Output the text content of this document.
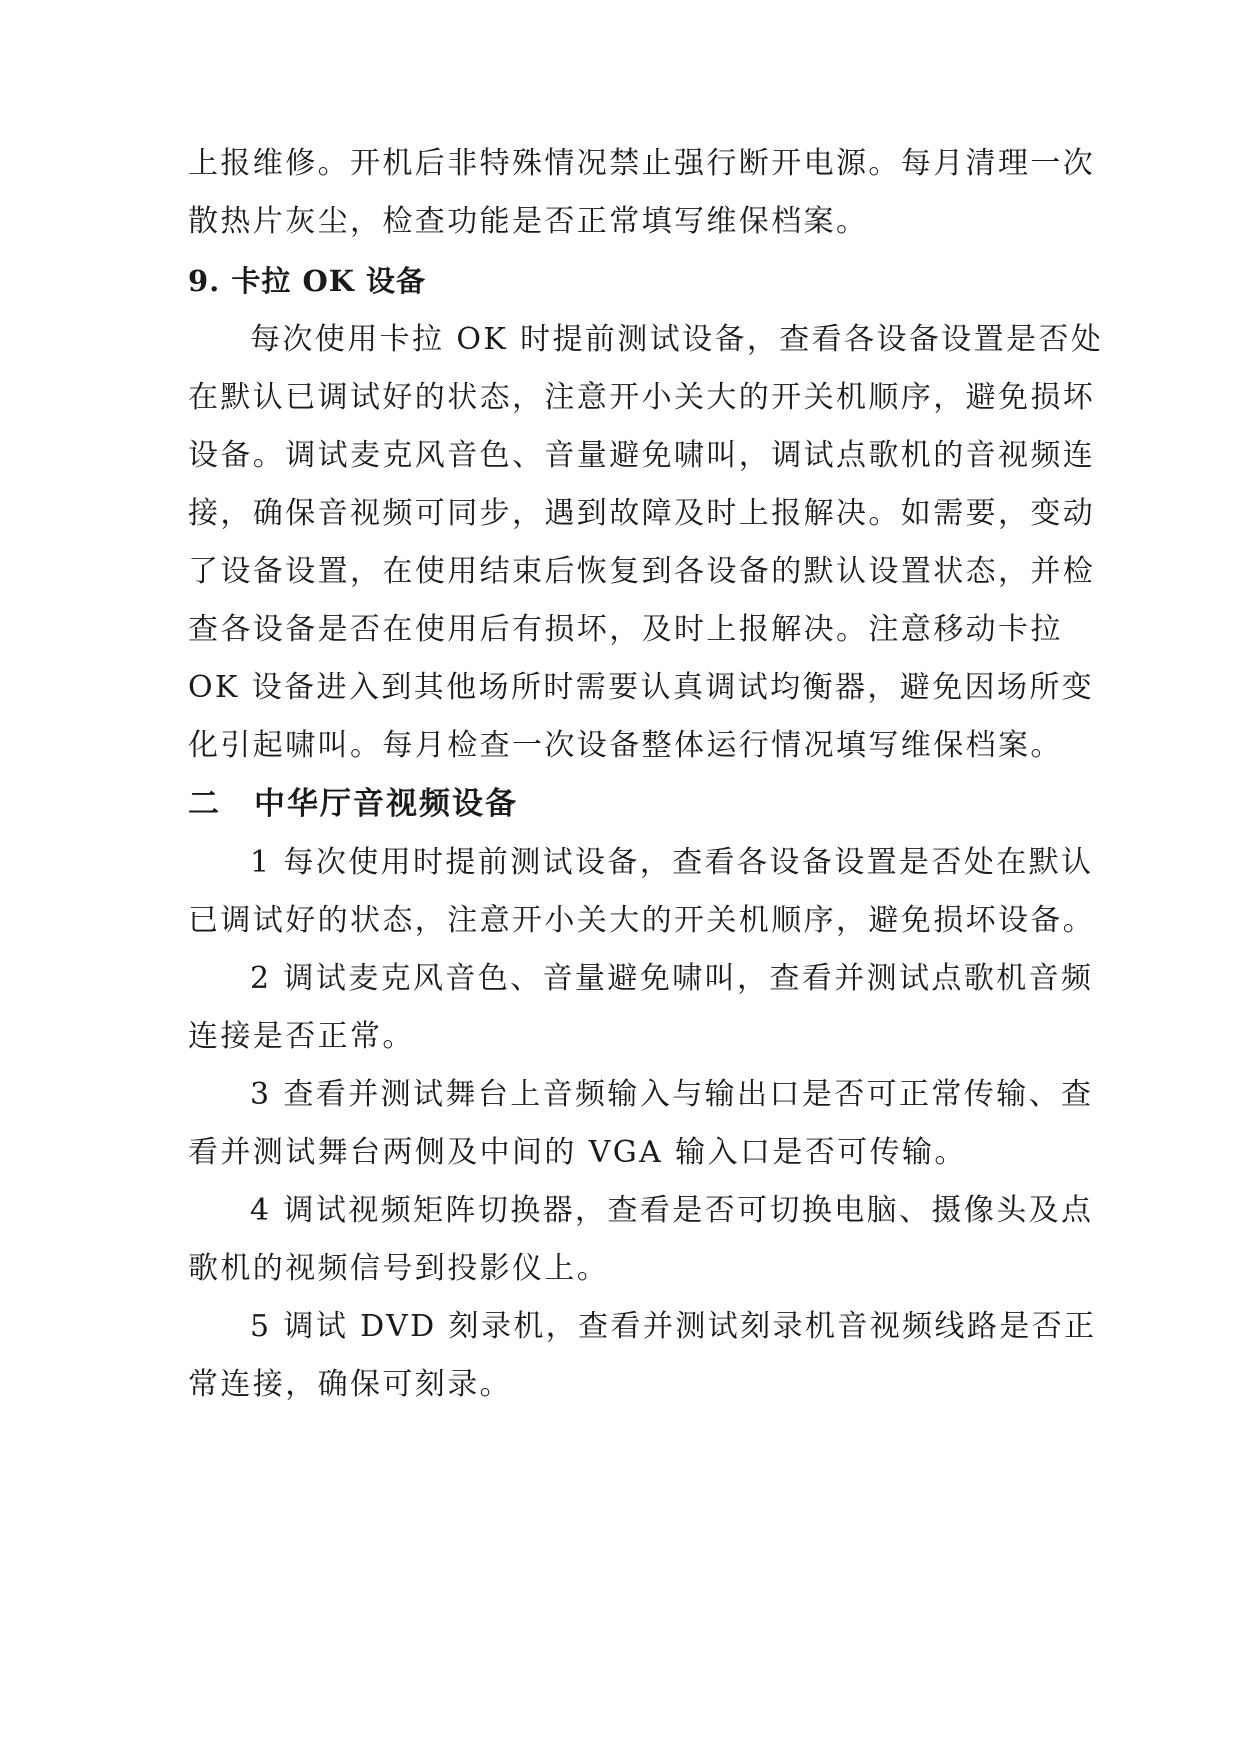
上报维修。开机后非特殊情况禁止强行断开电源。每月清理一次
散热片灰尘，检查功能是否正常填写维保档案。
9. 卡拉 OK 设备
每次使用卡拉 OK 时提前测试设备，查看各设备设置是否处
在默认已调试好的状态，注意开小关大的开关机顺序，避免损坏
设备。调试麦克风音色、音量避免啸叫，调试点歌机的音视频连
接，确保音视频可同步，遇到故障及时上报解决。如需要，变动
了设备设置，在使用结束后恢复到各设备的默认设置状态，并检
查各设备是否在使用后有损坏，及时上报解决。注意移动卡拉
OK 设备进入到其他场所时需要认真调试均衡器，避免因场所变
化引起啸叫。每月检查一次设备整体运行情况填写维保档案。
二 中华厅音视频设备
1 每次使用时提前测试设备，查看各设备设置是否处在默认
已调试好的状态，注意开小关大的开关机顺序，避免损坏设备。
2 调试麦克风音色、音量避免啸叫，查看并测试点歌机音频
连接是否正常。
3 查看并测试舞台上音频输入与输出口是否可正常传输、查
看并测试舞台两侧及中间的 VGA 输入口是否可传输。
4 调试视频矩阵切换器，查看是否可切换电脑、摄像头及点
歌机的视频信号到投影仪上。
5 调试 DVD 刻录机，查看并测试刻录机音视频线路是否正
常连接，确保可刻录。
